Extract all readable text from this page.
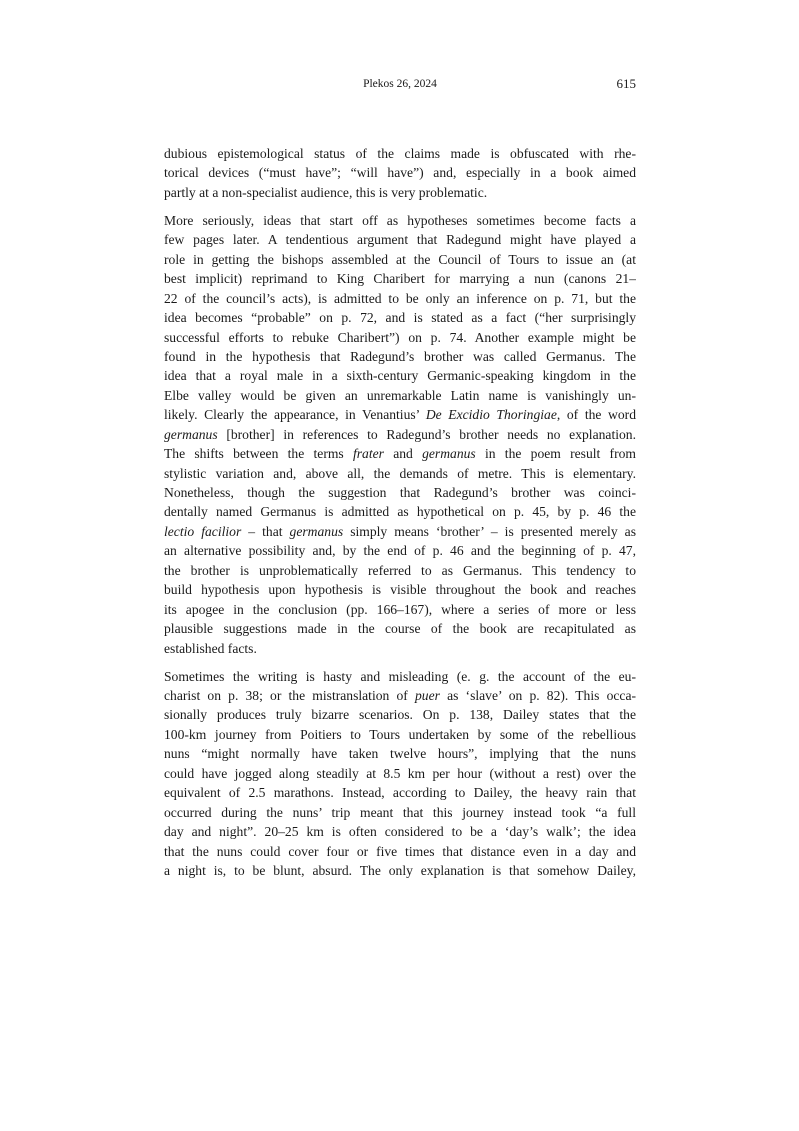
Plekos 26, 2024	615
dubious epistemological status of the claims made is obfuscated with rhe-
torical devices (“must have”; “will have”) and, especially in a book aimed
partly at a non-specialist audience, this is very problematic.
More seriously, ideas that start off as hypotheses sometimes become facts a
few pages later. A tendentious argument that Radegund might have played a
role in getting the bishops assembled at the Council of Tours to issue an (at
best implicit) reprimand to King Charibert for marrying a nun (canons 21–
22 of the council’s acts), is admitted to be only an inference on p. 71, but the
idea becomes “probable” on p. 72, and is stated as a fact (“her surprisingly
successful efforts to rebuke Charibert”) on p. 74. Another example might be
found in the hypothesis that Radegund’s brother was called Germanus. The
idea that a royal male in a sixth-century Germanic-speaking kingdom in the
Elbe valley would be given an unremarkable Latin name is vanishingly un-
likely. Clearly the appearance, in Venantius’ De Excidio Thoringiae, of the word
germanus [brother] in references to Radegund’s brother needs no explanation.
The shifts between the terms frater and germanus in the poem result from
stylistic variation and, above all, the demands of metre. This is elementary.
Nonetheless, though the suggestion that Radegund’s brother was coinci-
dentally named Germanus is admitted as hypothetical on p. 45, by p. 46 the
lectio facilior – that germanus simply means ‘brother’ – is presented merely as
an alternative possibility and, by the end of p. 46 and the beginning of p. 47,
the brother is unproblematically referred to as Germanus. This tendency to
build hypothesis upon hypothesis is visible throughout the book and reaches
its apogee in the conclusion (pp. 166–167), where a series of more or less
plausible suggestions made in the course of the book are recapitulated as
established facts.
Sometimes the writing is hasty and misleading (e. g. the account of the eu-
charist on p. 38; or the mistranslation of puer as ‘slave’ on p. 82). This occa-
sionally produces truly bizarre scenarios. On p. 138, Dailey states that the
100-km journey from Poitiers to Tours undertaken by some of the rebellious
nuns “might normally have taken twelve hours”, implying that the nuns
could have jogged along steadily at 8.5 km per hour (without a rest) over the
equivalent of 2.5 marathons. Instead, according to Dailey, the heavy rain that
occurred during the nuns’ trip meant that this journey instead took “a full
day and night”. 20–25 km is often considered to be a ‘day’s walk’; the idea
that the nuns could cover four or five times that distance even in a day and
a night is, to be blunt, absurd. The only explanation is that somehow Dailey,
